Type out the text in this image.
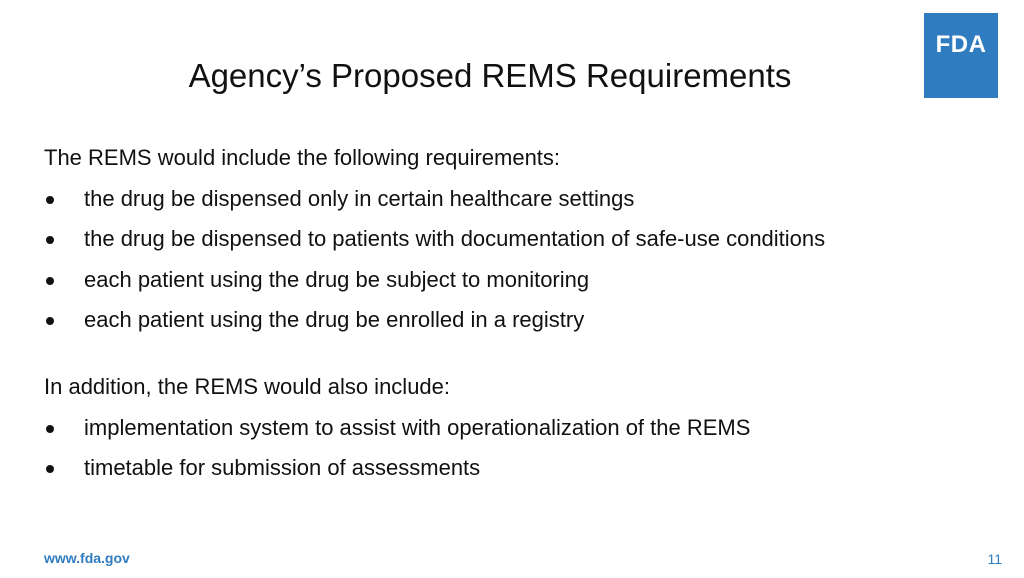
FDA
Agency’s Proposed REMS Requirements

The REMS would include the following requirements:

the drug be dispensed only in certain healthcare settings
the drug be dispensed to patients with documentation of safe-use conditions
each patient using the drug be subject to monitoring
each patient using the drug be enrolled in a registry

In addition, the REMS would also include:

implementation system to assist with operationalization of the REMS
timetable for submission of assessments
www.fda.gov	11
